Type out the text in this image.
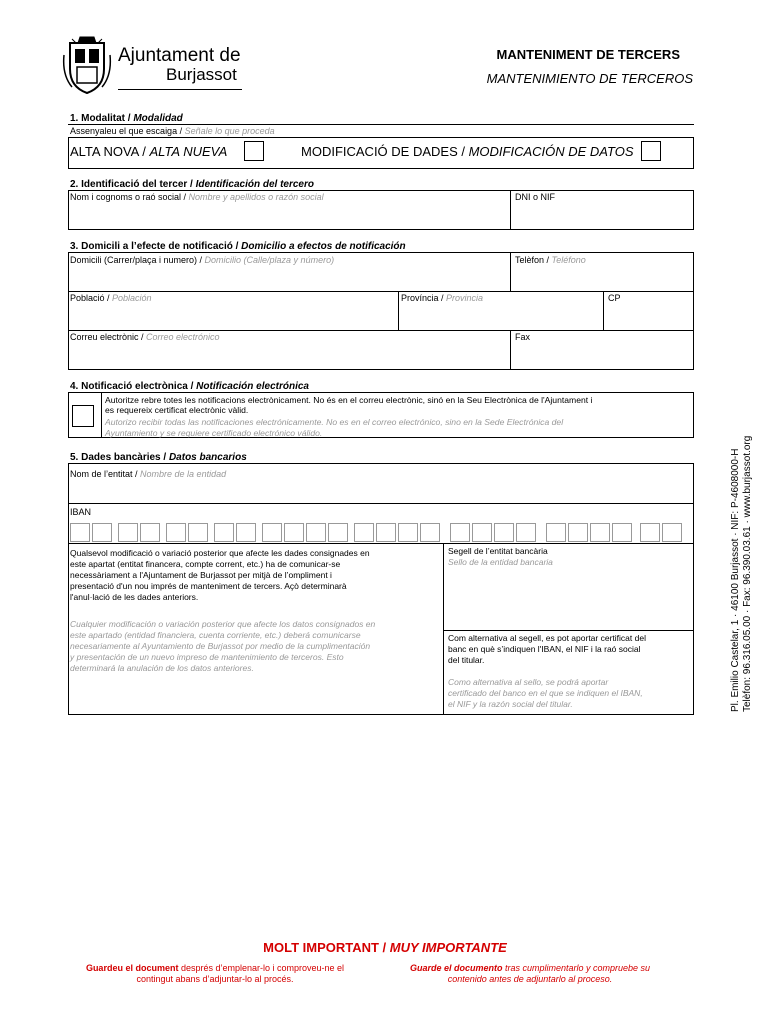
Ajuntament de
Burjassot
MANTENIMENT DE TERCERS
MANTENIMIENTO DE TERCEROS
1. Modalitat / Modalidad
Assenyaleu el que escaiga / Señale lo que proceda
ALTA NOVA / ALTA NUEVA	MODIFICACIÓ DE DADES / MODIFICACIÓN DE DATOS
2. Identificació del tercer / Identificación del tercero
Nom i cognoms o raó social / Nombre y apellidos o razón social	DNI o NIF
3. Domicili a l’efecte de notificació / Domicilio a efectos de notificación
Domicili (Carrer/plaça i numero) / Domicilio (Calle/plaza y número)	Telèfon / Teléfono
Població / Población	Província / Provincia	CP
Correu electrònic / Correo electrónico	Fax
4. Notificació electrònica / Notificación electrónica
Autoritze rebre totes les notificacions electrònicament. No és en el correu electrònic, sinó en la Seu Electrònica de l'Ajuntament i
es requereix certificat electrònic vàlid.
Autorizo recibir todas las notificaciones electrónicamente. No es en el correo electrónico, sino en la Sede Electrónica del
Ayuntamiento y se requiere certificado electrónico válido.
5. Dades bancàries / Datos bancarios
Nom de l’entitat / Nombre de la entidad
IBAN
Qualsevol modificació o variació posterior que afecte les dades consignades en
este apartat (entitat financera, compte corrent, etc.) ha de comunicar-se
necessàriament a l'Ajuntament de Burjassot per mitjà de l’ompliment i
presentació d'un nou imprés de manteniment de tercers. Açò determinarà
l'anul·lació de les dades anteriors.
Cualquier modificación o variación posterior que afecte los datos consignados en
este apartado (entidad financiera, cuenta corriente, etc.) deberá comunicarse
necesariamente al Ayuntamiento de Burjassot por medio de la cumplimentación
y presentación de un nuevo impreso de mantenimiento de terceros. Esto
determinará la anulación de los datos anteriores.
Segell de l’entitat bancària
Sello de la entidad bancaria
Com alternativa al segell, es pot aportar certificat del
banc en què s’indiquen l'IBAN, el NIF i la raó social
del titular.
Como alternativa al sello, se podrá aportar
certificado del banco en el que se indiquen el IBAN,
el NIF y la razón social del titular.	Pl. Emilio Castelar, 1 · 46100 Burjassot · NIF: P-4608000-H Telèfon: 96.316.05.00 · Fax: 96.390.03.61 · www.burjassot.org
MOLT IMPORTANT / MUY IMPORTANTE
Guardeu el document després d’emplenar-lo i comproveu-ne el
contingut abans d’adjuntar-lo al procés.
Guarde el documento tras cumplimentarlo y compruebe su
contenido antes de adjuntarlo al proceso.
